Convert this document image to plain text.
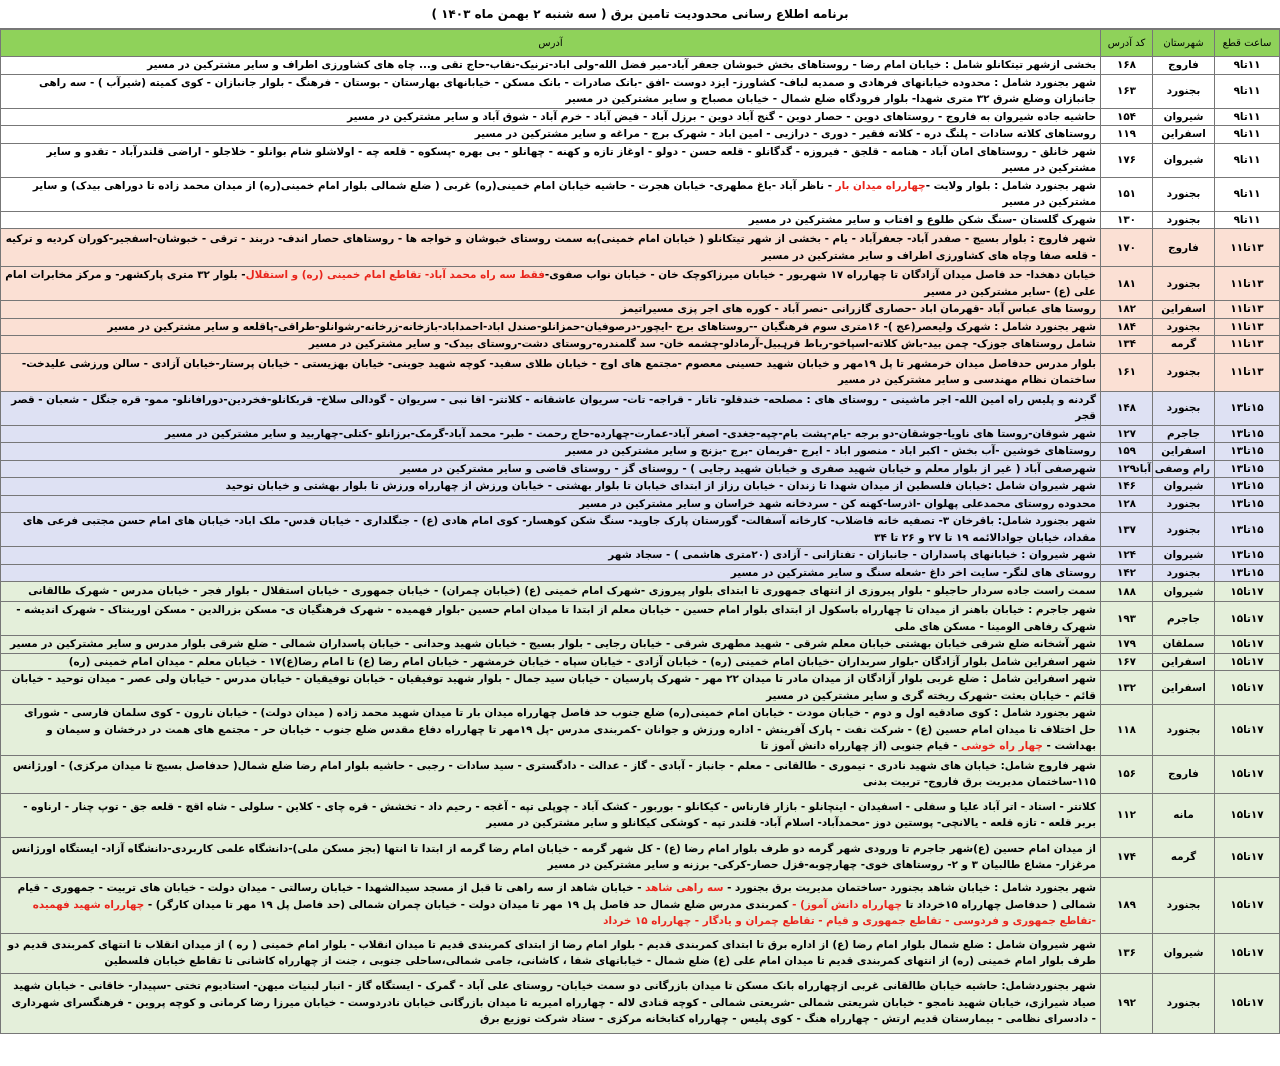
برنامه اطلاع رسانی محدودیت تامین برق ( سه شنبه ۲ بهمن ماه ۱۴۰۳ )
ساعت قطع	شهرستان	کد آدرس	آدرس
۱۱تا۹	فاروج	۱۶۸	بخشی ازشهر تیتکانلو شامل : خیابان امام رضا - روستاهای بخش خبوشان جعفر آباد-میر فضل الله-ولی اباد-ترنیک-نقاب-حاج تقی و... چاه های کشاورزی اطراف و سایر مشترکین در مسیر
۱۱تا۹	بجنورد	۱۶۳	شهر بجنورد شامل : محدوده خیابانهای فرهادی و صمدیه لباف- کشاورز- ایزد دوست -افق -بانک صادرات - بانک مسکن - خیابانهای بهارستان - بوستان - فرهنگ - بلوار جانبازان - کوی کمیته (شیرآب ) - سه راهی جانبازان وضلع شرق ۳۲ متری شهدا- بلوار فرودگاه ضلع شمال - خیابان مصباح و سایر مشترکین در مسیر
۱۱تا۹	شیروان	۱۵۴	حاشیه جاده شیروان به فاروج - روستاهای دوین - حصار دوین - گنج آباد دوین - برزل آباد - فیض آباد - خرم آباد - شوق آباد و سایر مشترکین در مسیر
۱۱تا۹	اسفراین	۱۱۹	روستاهای کلاته سادات - پلنگ دره - کلاته فقیر - دوری - درازیی - امین اباد - شهرک برج - مراغه و سایر مشترکین در مسیر
۱۱تا۹	شیروان	۱۷۶	شهر خانلق - روستاهای امان آباد - هنامه - قلجق - فیروزه - گدگانلو - قلعه حسن - دولو - اوغاز تازه و کهنه - چهانلو - بی بهره -پسکوه - قلعه چه - اولاشلو شام بوانلو - خلاجلو - اراضی قلندرآباد - تقدو و سایر مشترکین در مسیر
۱۱تا۹	بجنورد	۱۵۱	شهر بجنورد شامل : بلوار ولایت -چهارراه میدان بار - ناظر آباد -باغ مطهری- خیابان هجرت - حاشیه خیابان امام خمینی(ره) غربی ( ضلع شمالی بلوار امام خمینی(ره) از میدان محمد زاده تا دوراهی بیدک) و سایر مشترکین در مسیر
۱۱تا۹	بجنورد	۱۳۰	شهرک گلستان -سنگ شکن طلوع و افتاب و سایر مشترکین در مسیر
۱۳تا۱۱	فاروج	۱۷۰	شهر فاروج : بلوار بسیج - صفدر آباد- جعفرآباد - یام - بخشی از شهر تیتکانلو ( خیابان امام خمینی)به سمت روستای خبوشان و خواجه ها - روستاهای حصار اندف- دربند - ترقی - خبوشان-اسفجیر-کوران کردیه و ترکیه - قلعه صفا وچاه های کشاورزی اطراف و سایر مشترکین در مسیر
۱۳تا۱۱	بجنورد	۱۸۱	خیابان دهخدا- حد فاصل میدان آزادگان تا چهارراه ۱۷ شهریور - خیابان میرزاکوچک خان - خیابان نواب صفوی-فقط سه راه محمد آباد- تقاطع امام خمینی (ره) و استقلال- بلوار ۳۲ متری پارکشهر- و مرکز مخابرات امام علی (ع) -سایر مشترکین در مسیر
۱۳تا۱۱	اسفراین	۱۸۲	روستا های عباس آباد -قهرمان اباد -حصاری گازرانی -نصر آباد - کوره های اجر پزی مسیراتیمز
۱۳تا۱۱	بجنورد	۱۸۴	شهر بجنورد شامل : شهرک ولیعصر(عج )- ۱۶متری سوم فرهنگیان --روستاهای برج -ایچور-درصوفیان-حمزانلو-صندل اباد-احمداباد-بازخانه-زرخانه-رشوانلو-طراقی-پاقلعه و سایر مشترکین در مسیر
۱۳تا۱۱	گرمه	۱۳۴	شامل روستاهای جوزک- چمن بید-باش کلاته-اسپاخو-رباط قرہبیل-آرمادلو-چشمه خان- سد گلمندره-روستای دشت-روستای بیدک- و سایر مشترکین در مسیر
۱۳تا۱۱	بجنورد	۱۶۱	بلوار مدرس حدفاصل میدان خرمشهر تا پل ۱۹مهر و خیابان شهید حسینی معصوم -مجتمع های اوج - خیابان طلای سفید- کوچه شهید جوینی- خیابان بهزیستی - خیابان پرستار-خیابان آزادی - سالن ورزشی علیدخت-ساختمان نظام مهندسی و سایر مشترکین در مسیر
۱۵تا۱۳	بجنورد	۱۴۸	گردنه و پلیس راه امین الله- اجر ماشینی - روستای های : مصلحه- خندقلو- تاتار - قراجه- تات- سریوان عاشقانه - کلاتتر- اقا نبی - سریوان - گودالی سلاخ- قربکانلو-فخردین-دورافانلو- ممو- قره جنگل - شعبان - قصر قجر
۱۵تا۱۳	جاجرم	۱۲۷	شهر شوقان-روستا های ناویا-جوشقان-دو برجه -یام-پشت بام-چپه-جغدی- اصغر آباد-عمارت-چهارده-حاج رحمت - طبر- محمد آباد-گرمک-برزانلو -کتلی-چهاربید و سایر مشترکین در مسیر
۱۵تا۱۳	اسفراین	۱۵۹	روستاهای خوشین -آب بخش - اکبر اباد - منصور اباد - ایرج -فریمان -برج -بزنج و سایر مشترکین در مسیر
۱۵تا۱۳	رام وصفی آباد	۱۲۹	شهرصفی آباد ( غیر از بلوار معلم و خیابان شهید صفری و خیابان شهید رجایی ) - روستای گز - روستای قاضی و سایر مشترکین در مسیر
۱۵تا۱۳	شیروان	۱۴۶	شهر شیروان شامل :خیابان فلسطین از میدان شهدا تا زندان - خیابان رزاز از ابتدای خیابان تا بلوار بهشتی - خیابان ورزش از چهارراه ورزش تا بلوار بهشتی و خیابان توحید
۱۵تا۱۳	بجنورد	۱۲۸	محدوده روستای محمدعلی پهلوان -اذرسا-کهنه کن - سردخانه شهد خراسان و سایر مشترکین در مسیر
۱۵تا۱۳	بجنورد	۱۳۷	شهر بجنورد شامل: باقرخان ۳- تصفیه خانه فاضلاب- کارخانه آسفالت- گورستان پارک جاوید- سنگ شکن کوهسار- کوی امام هادی (ع) - جنگلداری - خیابان قدس- ملک اباد- خیابان های امام حسن مجتبی فرعی های مقداد، خیابان جوادالائمه ۱۹ تا ۲۷ و ۲۶ تا ۳۴
۱۵تا۱۳	شیروان	۱۲۴	شهر شیروان : خیابانهای پاسداران - جانبازان - تفتازانی - آزادی (۲۰متری هاشمی ) - سجاد شهر
۱۵تا۱۳	بجنورد	۱۴۲	روستای های لنگر- سایت اخر داغ -شعله سنگ و سایر مشترکین در مسیر
۱۷تا۱۵	شیروان	۱۸۸	سمت راست جاده سردار حاجیلو - بلوار پیروزی از انتهای جمهوری تا ابتدای بلوار پیروزی -شهرک امام خمینی (ع) (خیابان چمران) - خیابان جمهوری - خیابان استقلال - بلوار فجر - خیابان مدرس - شهرک طالقانی
۱۷تا۱۵	جاجرم	۱۹۳	شهر جاجرم : خیابان باهنر از میدان تا چهارراه باسکول از ابتدای بلوار امام حسین - خیابان معلم از ابتدا تا میدان امام حسین -بلوار فهمیده - شهرک فرهنگیان ی- مسکن بزرالدین - مسکن اورینتاک - شهرک اندیشه - شهرک رفاهی الومینا - مسکن های ملی
۱۷تا۱۵	سملقان	۱۷۹	شهر آشخانه ضلع شرقی خیابان بهشتی خیابان معلم شرقی - شهید مطهری شرقی - خیابان رجایی - بلوار بسیج - خیابان شهید وحدانی - خیابان پاسداران شمالی - ضلع شرقی بلوار مدرس و سایر مشترکین در مسیر
۱۷تا۱۵	اسفراین	۱۶۷	شهر اسفراین شامل بلوار آزادگان -بلوار سربداران -خیابان امام خمینی (ره) - خیابان آزادی - خیابان سپاه - خیابان خرمشهر - خیابان امام رضا (ع) تا امام رضا(ع)۱۷ - خیابان معلم - میدان امام خمینی (ره)
۱۷تا۱۵	اسفراین	۱۳۲	شهر اسفراین شامل : ضلع غربی بلوار آزادگان از میدان مادر تا میدان ۲۲ مهر - شهرک پارسیان - خیابان سید جمال - بلوار شهید توفیقیان - خیابان توفیقیان - خیابان مدرس - خیابان ولی عصر - میدان توحید - خیابان قائم - خیابان بعثت -شهرک ریخته گری و سایر مشترکین در مسیر
۱۷تا۱۵	بجنورد	۱۱۸	شهر بجنورد شامل : کوی صادقیه اول و دوم - خیابان مودت - خیابان امام خمینی(ره) ضلع جنوب حد فاصل چهارراه میدان بار تا میدان شهید محمد زاده ( میدان دولت) - خیابان نارون - کوی سلمان فارسی - شورای حل اختلاف تا میدان امام حسین (ع) - شرکت نفت - پارک آفرینش - اداره ورزش و جوانان -کمربندی مدرس -پل ۱۹مهر تا چهارراه دفاع مقدس ضلع جنوب - خیابان حر - مجتمع های همت در درخشان و سیمان و بهداشت - چهار راه خوشی - قیام جنوبی (از چهارراه دانش آموز تا
۱۷تا۱۵	فاروج	۱۵۶	شهر فاروج شامل: خیابان های شهید نادری - تیموری - طالقانی - معلم - جانباز - آبادی - گاز - عدالت - دادگستری - سید سادات - رجبی - حاشیه بلوار امام رضا ضلع شمال( حدفاصل بسیج تا میدان مرکزی) - اورژانس ۱۱۵-ساختمان مدیریت برق فاروج- تربیت بدنی
۱۷تا۱۵	مانه	۱۱۲	کلاتتر - استاد - اتر آباد علیا و سفلی - اسفیدان - اینچانلو - بازار قارناس - کیکانلو - بوربور - کشک آباد - چوپلی تپه - آغجه - رحیم داد - تخشش - قره چای - کلاین - سلولی - شاه اقچ - قلعه جق - توپ چنار - ارناوه - بربر قلعه - تازه قلعه - یالانچی- پوستین دوز -محمدآباد- اسلام آباد- قلندر تپه - کوشکی کیکانلو و سایر مشترکین در مسیر
۱۷تا۱۵	گرمه	۱۷۴	از میدان امام حسین (ع)شهر جاجرم تا ورودی شهر گرمه دو طرف بلوار امام رضا (ع) - کل شهر گرمه - خیابان امام رضا گرمه از ابتدا تا انتها (بجز مسکن ملی)-دانشگاه علمی کاربردی-دانشگاه آزاد- ایستگاه اورژانس مرغزار- مشاع طالبیان ۳ و ۲- روستاهای خوی- چهارچوبه-قزل حصار-کرکی- برزنه و سایر مشترکین در مسیر
۱۷تا۱۵	بجنورد	۱۸۹	شهر بجنورد شامل : خیابان شاهد بجنورد -ساختمان مدیریت برق بجنورد - سه راهی شاهد - خیابان شاهد از سه راهی تا قبل از مسجد سیدالشهدا - خیابان رسالتی - میدان دولت - خیابان های تربیت - جمهوری - قیام شمالی ( حدفاصل چهارراه ۱۵خرداد تا چهارراه دانش آموز) - کمربندی مدرس ضلع شمال حد فاصل پل ۱۹ مهر تا میدان دولت - خیابان چمران شمالی (حد فاصل پل ۱۹ مهر تا میدان کارگر) - چهارراه شهید فهمیده -تقاطع جمهوری و فردوسی - تقاطع جمهوری و قیام - تقاطع چمران و یادگار - چهارراه ۱۵ خرداد
۱۷تا۱۵	شیروان	۱۳۶	شهر شیروان شامل : ضلع شمال بلوار امام رضا (ع) از اداره برق تا ابتدای کمربندی قدیم - بلوار امام رضا از ابتدای کمربندی قدیم تا میدان انقلاب - بلوار امام خمینی ( ره ) از میدان انقلاب تا انتهای کمربندی قدیم دو طرف بلوار امام خمینی (ره) از انتهای کمربندی قدیم تا میدان امام علی (ع) ضلع شمال - خیابانهای شفا ، کاشانی، جامی شمالی،ساحلی جنوبی ، جنت از چهارراه کاشانی تا تقاطع خیابان فلسطین
۱۷تا۱۵	بجنورد	۱۹۲	شهر بجنوردشامل: حاشیه خیابان طالقانی غربی ازچهارراه بانک مسکن تا میدان بازرگانی دو سمت خیابان- روستای علی آباد - گمرک - ایستگاه گاز - انبار لبنیات میهن- استادیوم تختی -سپیدار- خاقانی - خیابان شهید صیاد شیرازی، خیابان شهید نامجو - خیابان شریعتی شمالی -شریعتی شمالی - کوچه قنادی لاله - چهارراه امیریه تا میدان بازرگانی خیابان نادردوست - خیابان میرزا رضا کرمانی و کوچه پروین - فرهنگسرای شهرداری - دادسرای نظامی - بیمارستان قدیم ارتش - چهارراه هنگ - کوی پلیس - چهارراه کتابخانه مرکزی - ستاد شرکت توزیع برق
